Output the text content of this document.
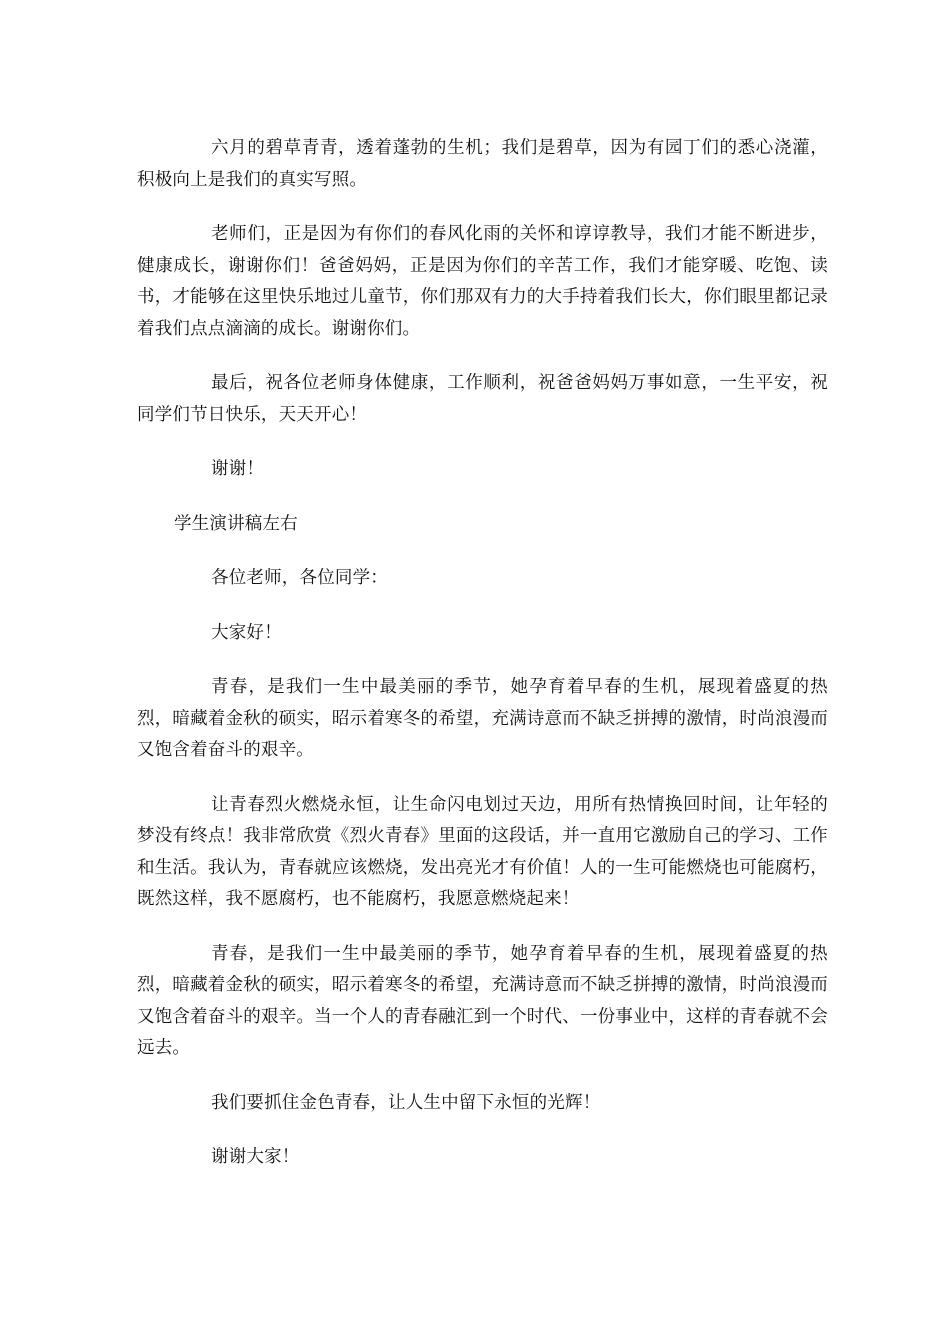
六月的碧草青青，透着蓬勃的生机；我们是碧草，因为有园丁们的悉心浇灌，积极向上是我们的真实写照。

老师们，正是因为有你们的春风化雨的关怀和谆谆教导，我们才能不断进步，健康成长，谢谢你们！爸爸妈妈，正是因为你们的辛苦工作，我们才能穿暖、吃饱、读书，才能够在这里快乐地过儿童节，你们那双有力的大手持着我们长大，你们眼里都记录着我们点点滴滴的成长。谢谢你们。

最后，祝各位老师身体健康，工作顺利，祝爸爸妈妈万事如意，一生平安，祝同学们节日快乐，天天开心！

谢谢！

学生演讲稿左右

各位老师，各位同学：

大家好！

青春，是我们一生中最美丽的季节，她孕育着早春的生机，展现着盛夏的热烈，暗藏着金秋的硕实，昭示着寒冬的希望，充满诗意而不缺乏拼搏的激情，时尚浪漫而又饱含着奋斗的艰辛。

让青春烈火燃烧永恒，让生命闪电划过天边，用所有热情换回时间，让年轻的梦没有终点！我非常欣赏《烈火青春》里面的这段话，并一直用它激励自己的学习、工作和生活。我认为，青春就应该燃烧，发出亮光才有价值！人的一生可能燃烧也可能腐朽，既然这样，我不愿腐朽，也不能腐朽，我愿意燃烧起来！

青春，是我们一生中最美丽的季节，她孕育着早春的生机，展现着盛夏的热烈，暗藏着金秋的硕实，昭示着寒冬的希望，充满诗意而不缺乏拼搏的激情，时尚浪漫而又饱含着奋斗的艰辛。当一个人的青春融汇到一个时代、一份事业中，这样的青春就不会远去。

我们要抓住金色青春，让人生中留下永恒的光辉！

谢谢大家！
